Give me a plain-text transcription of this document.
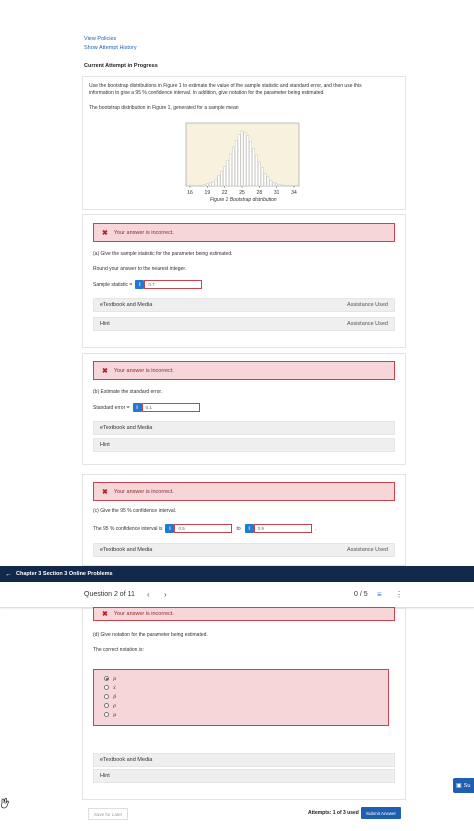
View Policies
Show Attempt History
Current Attempt in Progress
Use the bootstrap distributions in Figure 1 to estimate the value of the sample statistic and standard error, and then use this
information to give a 95 % confidence interval. In addition, give notation for the parameter being estimated.
The bootstrap distribution in Figure 1, generated for a sample mean
16 19 22 25 28 31 34
Figure 1 Bootstrap distribution
✖ Your answer is incorrect.
(a) Give the sample statistic for the parameter being estimated.
Round your answer to the nearest integer.
Sample statistic =	i	0.7
eTextbook and Media	Assistance Used
Hint	Assistance Used
✖ Your answer is incorrect.
(b) Estimate the standard error.
Standard error =	i	0.1
eTextbook and Media
Hint
✖ Your answer is incorrect.
(c) Give the 95 % confidence interval.
The 95 % confidence interval is	i	0.5	to	i	0.9	.
eTextbook and Media	Assistance Used
← Chapter 3 Section 3 Online Problems
Question 2 of 11 ‹ ›	0 / 5 ≡ ⋮
✖ Your answer is incorrect.
(d) Give notation for the parameter being estimated.
The correct notation is:
p
x̄
p̂
ρ
μ
eTextbook and Media
Hint
Save for Later	Attempts: 1 of 3 used	Submit Answer
▣ Su
